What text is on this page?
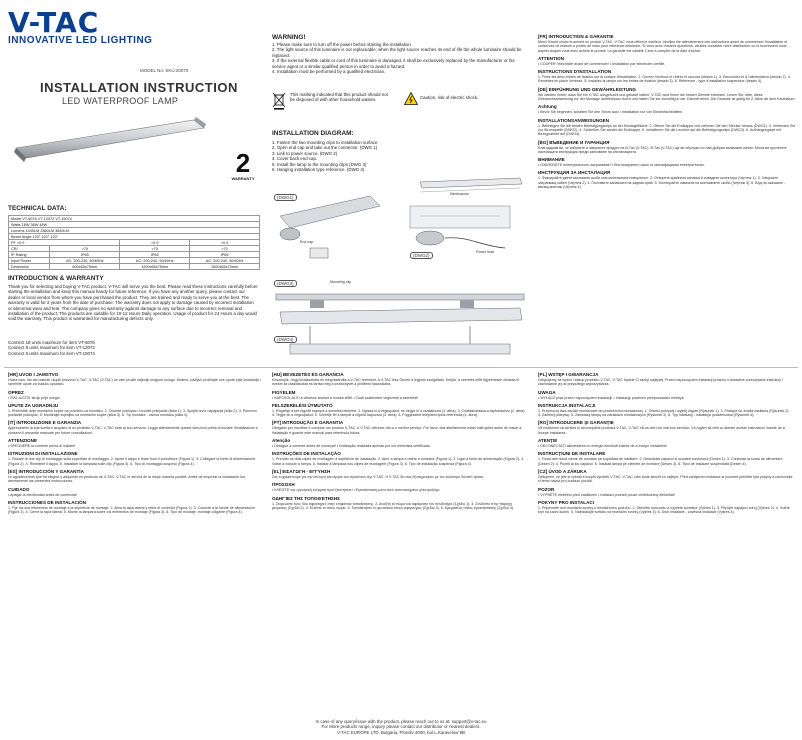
V-TAC
INNOVATIVE LED LIGHTING
MODEL No: SKU:20070
INSTALLATION INSTRUCTION
LED WATERPROOF LAMP
2
WARRANTY
TECHNICAL DATA:
Model VT-6076 VT-12072 VT-15074			
Watts 18W 36W 48W			
Lumens 1440LM 2880LM 3840LM			
Beam Angle 120° 120° 120°			
PF >0.9		>0.9	>0.9
CRI	>70	>70	>70
IP Rating	IP65	IP65	IP65
Input Power	AC: 200-240, 50/60Hz	AC: 200-240, 50/60Hz	AC: 200-240, 50/60Hz
Dimension	600x65x75mm	1200x65x75mm	1500x65x75mm
INTRODUCTION & WARRANTY
Thank you for selecting and buying V-TAC product. V-TAC will serve you the best. Please read these instructions carefully before starting the installation and keep this manual handy for future reference. If you have any another query, please contact our dealer or local vendor from whom you have purchased the product. They are trained and ready to serve you at the best. The warranty is valid for 2 years from the date of purchase. The warranty does not apply to damage caused by incorrect installation or abnormal wear and tear. The company gives no warranty against damage to any surface due to incorrect removal and installation of the product. The products are suitable for 10-12 Hours Daily operation. Usage of product for 24 Hours a day would void the warranty. This product is warranted for manufacturing defects only.
Connect 18 units maximum for item VT-6076
Connect 8 units maximum for item VT-12072
Connect 6 units maximum for item VT-15074
WARNING!
1. Please make sure to turn off the power before starting the installation.
2. The light source of this luminaire is not replaceable; when the light source reaches its end of life the whole luminaire should be replaced.
3. If the external flexible cable or cord of this luminaire is damaged, it shall be exclusively replaced by the manufacturer or his service agent or a similar qualified person in order to avoid a hazard.
4. Installation must be performed by a qualified electrician.
This marking indicated that this product should not be disposed of with other household wastes.	Caution, risk of electric shock.
INSTALLATION DIAGRAM:
1. Fasten the two mounting clips to installation surface.
2. Open end cap and take out the connector. (DWG 1)
3. Link to power source. (DWG 2)
4. Cover back end cap.
5. Install the lamp to the mounting clips (DWG 3)
6. Hanging installation type reference. (DWG 4)
(DWG1)
(DWG2)
(DWG3)
(DWG4)
Dimensions
Mounting clip
End cap
Power lead
[FR] INTRODUCTION & GARANTIE
Merci d'avoir choisi et acheté un produit V-TAC. V-TAC vous offrira le meilleur. Veuillez lire attentivement ces instructions avant de commencer l'installation et conservez ce manuel à portée de main pour référence ultérieure. Si vous avez d'autres questions, veuillez contacter notre distributeur ou le fournisseur local auprès duquel vous avez acheté le produit. La garantie est valable 2 ans à compter de la date d'achat.
ATTENTION
• COUPER l'électricité avant de commencer! • Installation par électricien certifié.
INSTRUCTIONS D'INSTALLATION
1. Fixez les deux brides de fixation sur la surface d'installation. 2. Ouvrez l'embout et retirez le raccord (dessin 1). 3. Raccordez-le à l'alimentation (dessin 2). 4. Remettez en place l'embout. 5. Installez la lampe sur les brides de fixation (dessin 3). 6. Référence - type d'installation suspendue (dessin 4).
[DE] EINFÜHRUNG UND GEWÄHRLEISTUNG
Wir danken Ihnen, dass Sie ein V-TAC ausgesucht und gekauft haben. V-TAC wird Ihnen die besten Dienste erweisen. Lesen Sie, bitte, diese Gebrauchsanweisung vor der Montage aufmerksam durch und halten Sie sie zukünftig in der Zukunft bereit. Die Garantie ist gültig für 2 Jahre ab dem Kaufdatum.
Achtung
• Bevor Sie beginnen, schalten Sie den Strom aus! • Installation nur von Elektrofachkräften.
INSTALLATIONSANWEISUNGEN
1. Befestigen Sie die beiden Befestigungsclips an der Montagefläche. 2. Öffnen Sie die Endkappe und nehmen Sie den Stecker heraus (DWG1). 3. Verbinden Sie zur Stromquelle (DWG2). 4. Schließen Sie wieder die Endkappe. 5. Installieren Sie die Leuchte auf die Befestigungsclips (DWG3). 6. Aufhängungsart mit Bezugnahme auf (DWG4).
[BG] ВЪВЕДЕНИЕ И ГАРАНЦИЯ
Благодарим ви, че избрахте и закупихте продукт на В-Тас (V-TAC). В-Тас (V-TAC) ще ви обслужи по най-добрия възможен начин. Моля ви прочетете настоящата инструкция преди започване на инсталацията.
ВНИМАНИЕ
• ИЗКЛЮЧЕТЕ електрическото захранване! • Инсталирането само от квалифициран електротехник.
ИНСТРУКЦИЯ ЗА ИНСТАЛАЦИЯ
1. Фиксирайте двете монтажни скоби към монтажната повърхност. 2. Отворете крайната капачка и извадете конектора (Чертеж 1). 3. Свържете захранващ кабел (Чертеж 2). 4. Поставете капачката на задния край. 5. Монтирайте лампата на монтажните скоби (Чертеж 3). 6. Вид на окачване - висящ монтаж (Чертеж 4).
[HR] UVOD I JAMSTVO
Hvala vam, što ste izabrali i kupili proizvod V-TAC. V-TAC (V-TAC) će vam pružiti najbolju moguću uslugu. Molimo, pažljivo pročitajte ove upute prije instalacije i spremite upute za buduću uporabu.
OPREZ
• ISKLJUČITE struju prije svega!
UPUTE ZA UGRADNJU
1. Pričvrstite dvije montažne kopče na površinu za montažu. 2. Otvorite poklopac i izvucite priključak (slika 1). 3. Spojite izvor napajanja (slika 2). 4. Ponovno postavite poklopac. 5. Montirajte svjetiljku na montažne kopče (slika 3). 6. Tip montaže - viseća montaža (slika 4).
[IT] INTRODUZIONE E GARANZIA
Apprezziamo la sua scelta e acquisto di un prodotto V-TAC. V-TAC sarà al suo servizio. Legga attentamente queste istruzioni prima di iniziare l'installazione e conservi il presente manuale per future consultazioni.
ATTENZIONE
• SPEGNERE la corrente prima di iniziare!
ISTRUZIONI DI INSTALLAZIONE
1. Fissare le due clip di montaggio sulla superficie di montaggio. 2. Aprire il tappo e tirare fuori il connettore (Figura 1). 3. Collegare la fonte di alimentazione (Figura 2). 4. Rimettere il tappo. 5. Installare la lampada sulle clip (Figura 3). 6. Tipo di montaggio sospeso (Figura 4).
[ES] INTRODUCCIÓN Y GARANTÍA
Le agradecemos que ha elegido y adquirido un producto de V-TAC. V-TAC le servirá de la mejor manera posible. Antes de empezar la instalación lea atentamente las presentes instrucciones.
CUIDADO
• Apagar la electricidad antes de comenzar!
INSTRUCCIONES DE INSTALACIÓN
1. Fije los dos elementos de montaje a la superficie de montaje. 2. Abra la tapa lateral y retire el conector (Figura 1). 3. Conecte a la fuente de alimentación (Figura 2). 4. Cierre la tapa lateral. 5. Monte la lámpara sobre los elementos de montaje (Figura 3). 6. Tipo de montaje: montaje colgante (Figura 4).
[HU] BEVEZETÉS ÉS GARANCIA
Köszönjük, hogy kiválasztotta és megvásárolta a V-TAC terméket. A V-TAC lesz Önnek a legjobb szolgáltató. Kérjük, a szerelés előtt figyelmesen olvassa el ezeket az utasításokat és tartsa meg a kézikönyvet a jövőbeni használatra.
FIGYELEM
• KAPCSOLJA KI a villamos áramot a munka előtt! • Csak szakember végezheti a szerelést!
FELSZERELÉSI ÚTMUTATÓ
1. Rögzítse a két rögzítő kapcsot a szerelési felületre. 2. Nyissa ki a végkupakot, és vegye ki a csatlakozót (1. ábra). 3. Csatlakoztassa a tápforráshoz (2. ábra). 4. Tegye fel a végkupakot. 5. Szerelje fel a lámpát a rögzítő kapocsra (3. ábra). 6. Függesztett telepítési típus referencia (4. ábra).
[PT] INTRODUÇÃO E GARANTIA
Obrigado por escolher e comprar um produto V-TAC. A V-TAC oferecer-lhe-á o melhor serviço. Por favor, leia atentamente estas instruções antes de iniciar a instalação e guarde este manual para referência futura.
Atenção
• Desligue a corrente antes de começar! • Instalação realizada apenas por um eletricista certificado.
INSTRUÇÕES DE INSTALAÇÃO
1. Prender os dois clipes de montagem à superfície de instalação. 2. Abrir a tampa e retirar o conector (Figura 1). 3. Ligar à fonte de alimentação (Figura 2). 4. Voltar a colocar a tampa. 5. Instalar a lâmpada nos clipes de montagem (Figura 3). 6. Tipo de instalação suspensa (Figura 4).
[EL] ΕΙΣΑΓΩΓΗ - ΕΓΓΥΗΣΗ
Σας ευχαριστούμε για την επιλογή και αγορά του προϊόντος της V-TAC. Η V-TAC θα σας εξυπηρετήσει με τον καλύτερο δυνατό τρόπο.
ΠΡΟΣΟΧΗ
• ΚΛΕΙΣΤΕ την ηλεκτρική ενέργεια πριν ξεκινήσετε! • Εγκατάσταση μόνο από πιστοποιημένο ηλεκτρολόγο.
ΟΔΗΓΊΕΣ ΤΗΣ ΤΟΠΟΘΈΤΗΣΗΣ
1. Στερεώστε τους δύο σφιγκτήρες στην επιφάνεια τοποθέτησης. 2. Ανοίξτε το πώμα και αφαιρέστε τον συνδετήρα (Σχέδιο 1). 3. Συνδέστε στην παροχή ρεύματος (Σχέδιο 2). 4. Κλείστε το πίσω πώμα. 5. Τοποθετήστε το φωτιστικό στους σφιγκτήρες (Σχέδιο 3). 6. Κρεμαστός τύπος εγκατάστασης (Σχέδιο 4).
[PL] WSTĘP I GWARANCJA
Dziękujemy za wybór i zakup produktu V-TAC. V-TAC będzie Ci służył najlepiej. Przed rozpoczęciem instalacji prosimy o dokładne przeczytanie instrukcji i zachowanie jej do przyszłego wykorzystania.
UWAGA
• WYŁĄCZ prąd przed rozpoczęciem instalacji! • Instalację powinien przeprowadzić elektryk.
INSTRUKCJA INSTALACJI
1. Przymocuj dwa zaciski montażowe do powierzchni montażowej. 2. Otwórz pokrywę i wyjmij złącze (Rysunek 1). 3. Podłącz do źródła zasilania (Rysunek 2). 4. Zamknij pokrywę. 5. Zainstaluj lampę na zaciskach montażowych (Rysunek 3). 6. Typ instalacji - instalacja podwieszana (Rysunek 4).
[RO] INTRODUCERE ȘI GARANȚIE
Vă mulțumim că ați ales și ați cumpărat produsul V-TAC. V-TAC vă va oferi cel mai bun serviciu. Vă rugăm să citiți cu atenție aceste instrucțiuni înainte de a începe instalarea.
ATENȚIE
• DECONECTAȚI alimentarea cu energie electrică înainte de a începe instalarea!
INSTRUCȚIUNI DE INSTALARE
1. Fixați cele două cleme de montare pe suprafața de instalare. 2. Deschideți capacul și scoateți conectorul (Desen 1). 3. Conectați la sursa de alimentare (Desen 2). 4. Puneți la loc capacul. 5. Instalați lampa pe clemele de montare (Desen 3). 6. Tipul de instalare suspendată (Desen 4).
[CZ] ÚVOD A ZÁRUKA
Děkujeme, že jste si vybrali a koupili výrobek V-TAC. V-TAC vám bude sloužit co nejlépe. Před zahájením instalace si pozorně přečtěte tyto pokyny a uschovejte si tento návod pro budoucí použití.
POZOR
• VYPNĚTE elektřinu před začátkem! • Instalaci provádí pouze certifikovaný elektrikář!
POKYNY PRO INSTALACI
1. Připevněte dvě montážní svorky k montážnímu povrchu. 2. Otevřete koncovku a vyjměte konektor (Výkres 1). 3. Připojte napájecí zdroj (Výkres 2). 4. Vraťte kryt na zadní konec. 5. Nainstalujte svítidlo na montážní svorky (Výkres 3). 6. Druh instalace - závěsná instalace (Výkres 4).
In case of any query/issue with the product, please reach out to us at: support@v-tac.eu
For More products range, inquiry please contact our distributor or nearest dealers.
V-TAC EUROPE LTD. Bulgaria, Plovdiv 4000, bul.L.Karavelow 9B
